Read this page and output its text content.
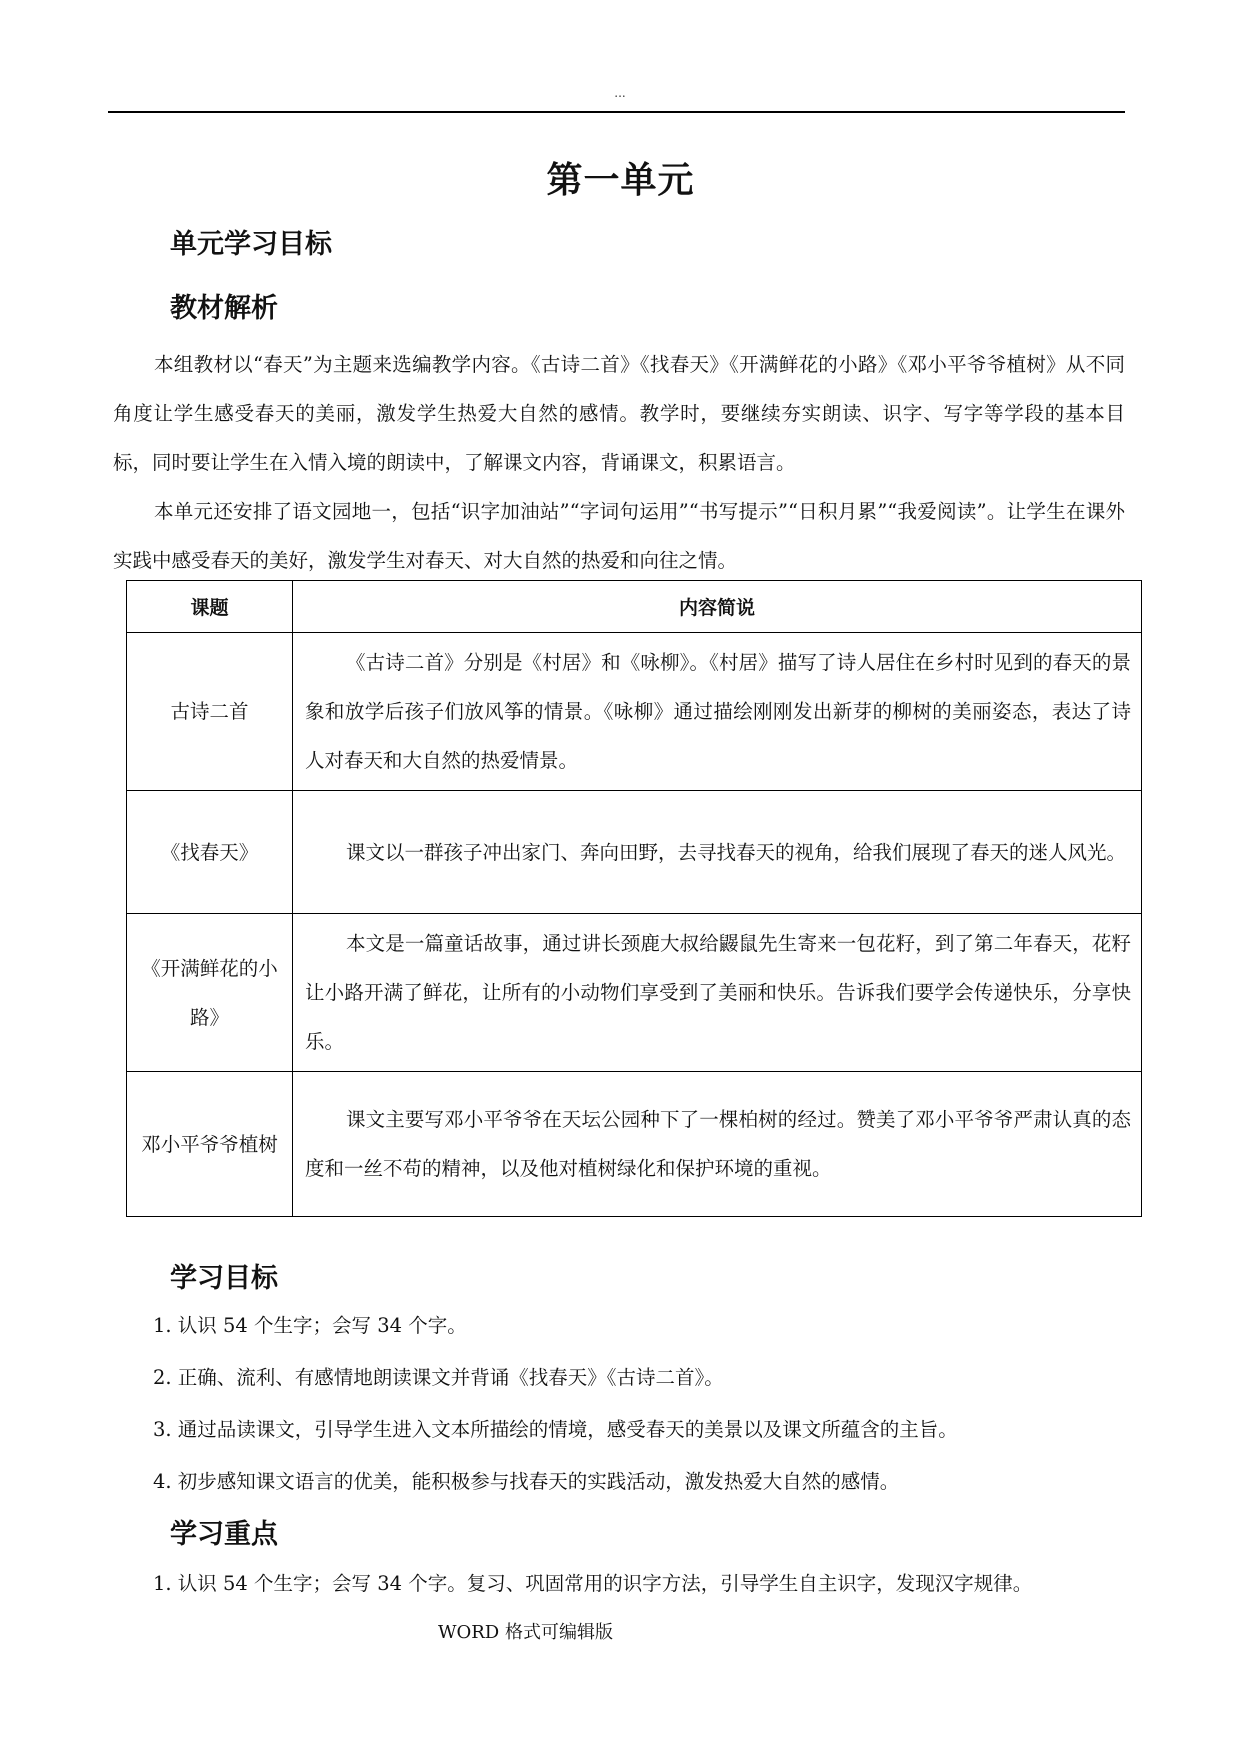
...
第一单元
单元学习目标
教材解析
本组教材以“春天”为主题来选编教学内容。《古诗二首》《找春天》《开满鲜花的小路》《邓小平爷爷植树》从不同角度让学生感受春天的美丽，激发学生热爱大自然的感情。教学时，要继续夯实朗读、识字、写字等学段的基本目标，同时要让学生在入情入境的朗读中，了解课文内容，背诵课文，积累语言。
本单元还安排了语文园地一，包括“识字加油站”“字词句运用”“书写提示”“日积月累”“我爱阅读”。让学生在课外实践中感受春天的美好，激发学生对春天、对大自然的热爱和向往之情。
课题	内容简说
古诗二首	《古诗二首》分别是《村居》和《咏柳》。《村居》描写了诗人居住在乡村时见到的春天的景象和放学后孩子们放风筝的情景。《咏柳》通过描绘刚刚发出新芽的柳树的美丽姿态，表达了诗人对春天和大自然的热爱情景。
《找春天》	课文以一群孩子冲出家门、奔向田野，去寻找春天的视角，给我们展现了春天的迷人风光。
《开满鲜花的小路》	本文是一篇童话故事，通过讲长颈鹿大叔给鼹鼠先生寄来一包花籽，到了第二年春天，花籽让小路开满了鲜花，让所有的小动物们享受到了美丽和快乐。告诉我们要学会传递快乐，分享快乐。
邓小平爷爷植树	课文主要写邓小平爷爷在天坛公园种下了一棵柏树的经过。赞美了邓小平爷爷严肃认真的态度和一丝不苟的精神，以及他对植树绿化和保护环境的重视。
学习目标
1. 认识 54 个生字；会写 34 个字。
2. 正确、流利、有感情地朗读课文并背诵《找春天》《古诗二首》。
3. 通过品读课文，引导学生进入文本所描绘的情境，感受春天的美景以及课文所蕴含的主旨。
4. 初步感知课文语言的优美，能积极参与找春天的实践活动，激发热爱大自然的感情。
学习重点
1. 认识 54 个生字；会写 34 个字。复习、巩固常用的识字方法，引导学生自主识字，发现汉字规律。
WORD 格式可编辑版
